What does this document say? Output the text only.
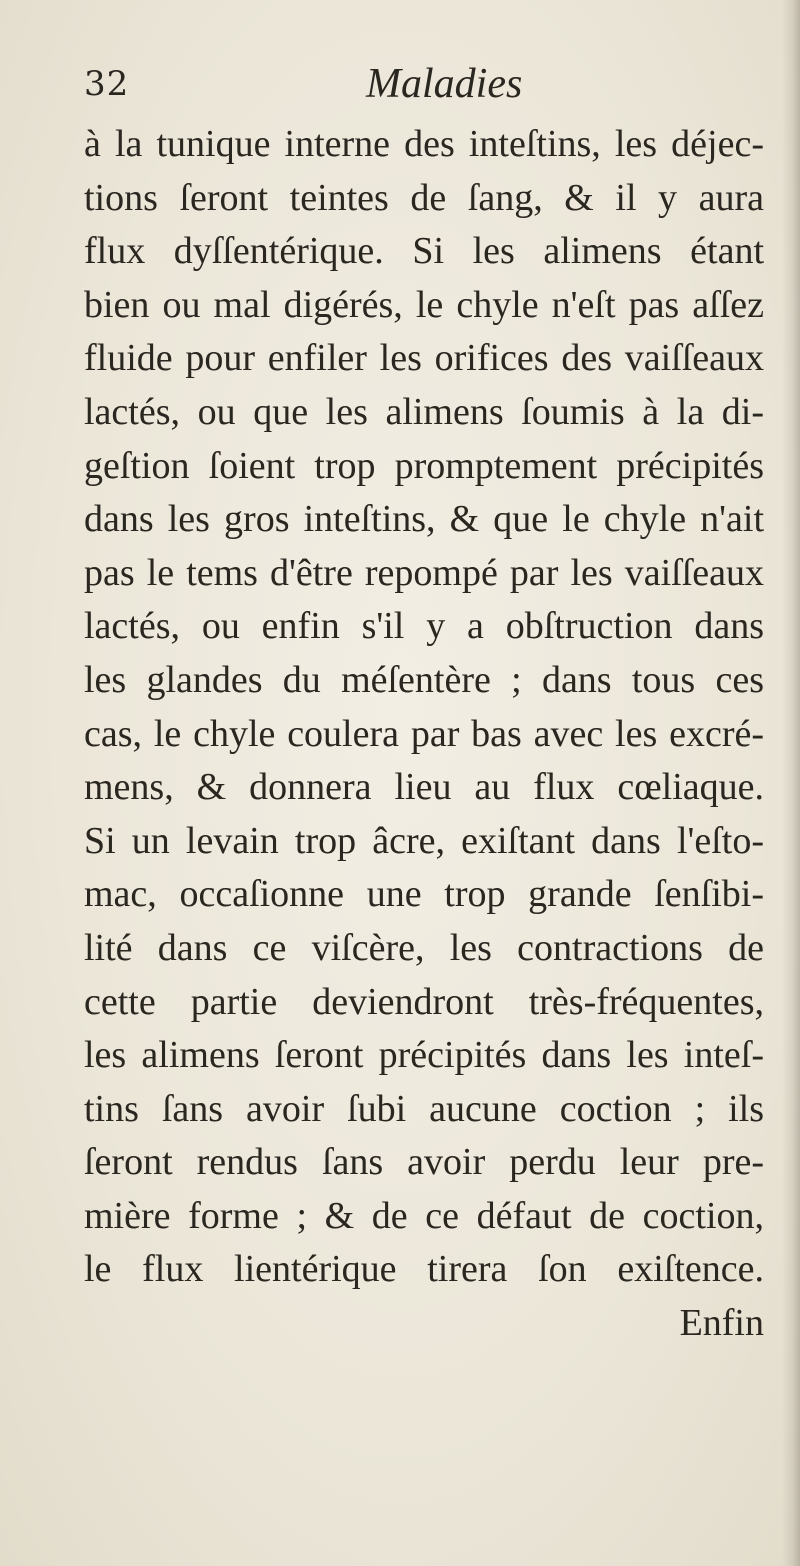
32	Maladies
à la tunique interne des inteſtins, les déjec-
tions ſeront teintes de ſang, & il y aura
flux dyſſentérique. Si les alimens étant
bien ou mal digérés, le chyle n'eſt pas aſſez
fluide pour enfiler les orifices des vaiſſeaux
lactés, ou que les alimens ſoumis à la di-
geſtion ſoient trop promptement précipités
dans les gros inteſtins, & que le chyle n'ait
pas le tems d'être repompé par les vaiſſeaux
lactés, ou enfin s'il y a obſtruction dans
les glandes du méſentère ; dans tous ces
cas, le chyle coulera par bas avec les excré-
mens, & donnera lieu au flux cœliaque.
Si un levain trop âcre, exiſtant dans l'eſto-
mac, occaſionne une trop grande ſenſibi-
lité dans ce viſcère, les contractions de
cette partie deviendront très-fréquentes,
les alimens ſeront précipités dans les inteſ-
tins ſans avoir ſubi aucune coction ; ils
ſeront rendus ſans avoir perdu leur pre-
mière forme ; & de ce défaut de coction,
le flux lientérique tirera ſon exiſtence.
Enfin
